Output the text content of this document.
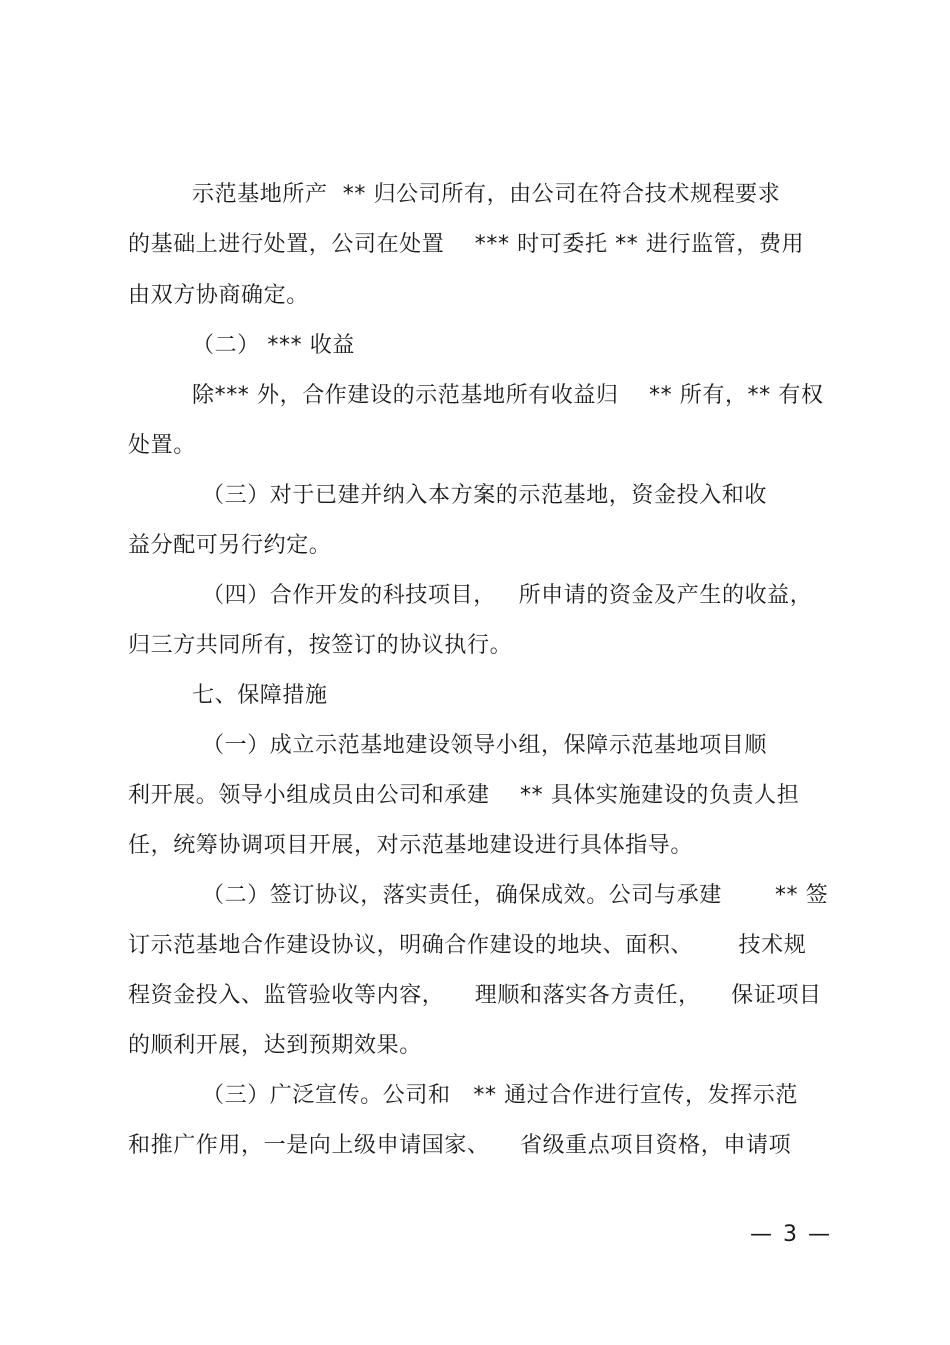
示范基地所产  ** 归公司所有，由公司在符合技术规程要求
的基础上进行处置，公司在处置    *** 时可委托 ** 进行监管，费用
由双方协商确定。
（二） *** 收益
除*** 外，合作建设的示范基地所有收益归    ** 所有，** 有权
处置。
（三）对于已建并纳入本方案的示范基地，资金投入和收
益分配可另行约定。
（四）合作开发的科技项目，   所申请的资金及产生的收益，
归三方共同所有，按签订的协议执行。
七、保障措施
（一）成立示范基地建设领导小组，保障示范基地项目顺
利开展。领导小组成员由公司和承建    ** 具体实施建设的负责人担
任，统筹协调项目开展，对示范基地建设进行具体指导。
（二）签订协议，落实责任，确保成效。公司与承建       ** 签
订示范基地合作建设协议，明确合作建设的地块、面积、      技术规
程资金投入、监管验收等内容，    理顺和落实各方责任，    保证项目
的顺利开展，达到预期效果。
（三）广泛宣传。公司和   ** 通过合作进行宣传，发挥示范
和推广作用，一是向上级申请国家、    省级重点项目资格，申请项
— 3 —
